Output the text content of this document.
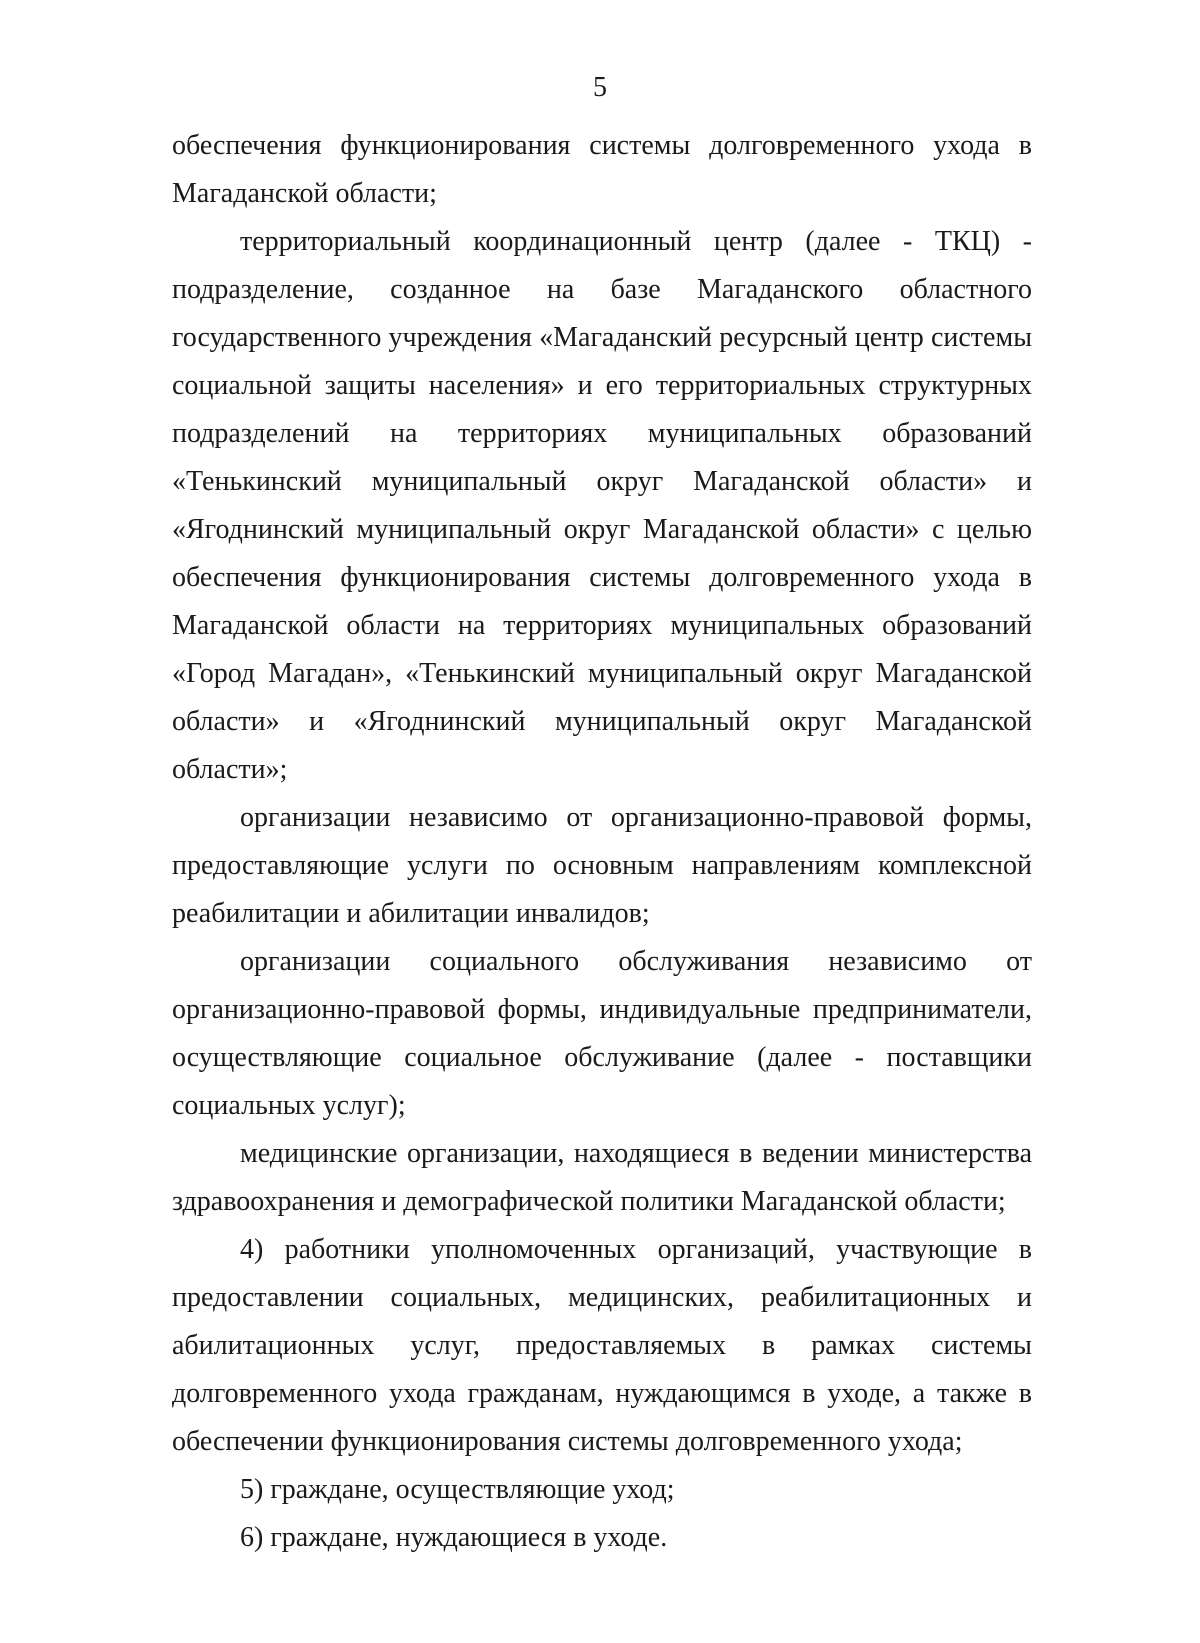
5

обеспечения функционирования системы долговременного ухода в Магаданской области;

территориальный координационный центр (далее - ТКЦ) - подразделение, созданное на базе Магаданского областного государственного учреждения «Магаданский ресурсный центр системы социальной защиты населения» и его территориальных структурных подразделений на территориях муниципальных образований «Тенькинский муниципальный округ Магаданской области» и «Ягоднинский муниципальный округ Магаданской области» с целью обеспечения функционирования системы долговременного ухода в Магаданской области на территориях муниципальных образований «Город Магадан», «Тенькинский муниципальный округ Магаданской области» и «Ягоднинский муниципальный округ Магаданской области»;

организации независимо от организационно-правовой формы, предоставляющие услуги по основным направлениям комплексной реабилитации и абилитации инвалидов;

организации социального обслуживания независимо от организационно-правовой формы, индивидуальные предприниматели, осуществляющие социальное обслуживание (далее - поставщики социальных услуг);

медицинские организации, находящиеся в ведении министерства здравоохранения и демографической политики Магаданской области;

4) работники уполномоченных организаций, участвующие в предоставлении социальных, медицинских, реабилитационных и абилитационных услуг, предоставляемых в рамках системы долговременного ухода гражданам, нуждающимся в уходе, а также в обеспечении функционирования системы долговременного ухода;

5) граждане, осуществляющие уход;

6) граждане, нуждающиеся в уходе.
